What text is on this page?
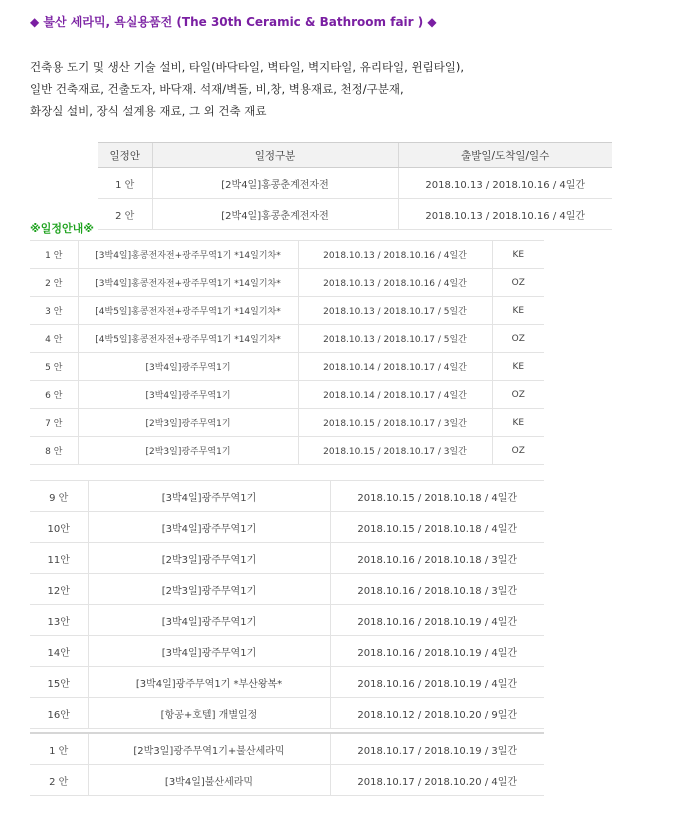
◆ 불산 세라믹, 욕실용품전 (The 30th Ceramic & Bathroom fair ) ◆
건축용 도기 및 생산 기술 설비, 타일(바닥타일, 벽타일, 벽지타일, 유리타일, 윈림타일),
일반 건축재료, 건출도자, 바닥재. 석재/벽돌, 비,창, 벽용재료, 천정/구분재,
화장실 설비, 장식 설계용 재료, 그 외 건축 재료
일정안	일정구분	출발일/도착일/일수
1 안	[2박4일]홍콩춘계전자전	2018.10.13 / 2018.10.16 / 4일간
2 안	[2박4일]홍콩춘계전자전	2018.10.13 / 2018.10.16 / 4일간
※일정안내※
1 안	[3박4일]홍콩전자전+광주무역1기 *14일기차*	2018.10.13 / 2018.10.16 / 4일간	KE
2 안	[3박4일]홍콩전자전+광주무역1기 *14일기차*	2018.10.13 / 2018.10.16 / 4일간	OZ
3 안	[4박5일]홍콩전자전+광주무역1기 *14일기차*	2018.10.13 / 2018.10.17 / 5일간	KE
4 안	[4박5일]홍콩전자전+광주무역1기 *14일기차*	2018.10.13 / 2018.10.17 / 5일간	OZ
5 안	[3박4일]광주무역1기	2018.10.14 / 2018.10.17 / 4일간	KE
6 안	[3박4일]광주무역1기	2018.10.14 / 2018.10.17 / 4일간	OZ
7 안	[2박3일]광주무역1기	2018.10.15 / 2018.10.17 / 3일간	KE
8 안	[2박3일]광주무역1기	2018.10.15 / 2018.10.17 / 3일간	OZ
9 안	[3박4일]광주무역1기	2018.10.15 / 2018.10.18 / 4일간
10안	[3박4일]광주무역1기	2018.10.15 / 2018.10.18 / 4일간
11안	[2박3일]광주무역1기	2018.10.16 / 2018.10.18 / 3일간
12안	[2박3일]광주무역1기	2018.10.16 / 2018.10.18 / 3일간
13안	[3박4일]광주무역1기	2018.10.16 / 2018.10.19 / 4일간
14안	[3박4일]광주무역1기	2018.10.16 / 2018.10.19 / 4일간
15안	[3박4일]광주무역1기 *부산왕복*	2018.10.16 / 2018.10.19 / 4일간
16안	[항공+호텔] 개별일정	2018.10.12 / 2018.10.20 / 9일간
1 안	[2박3일]광주무역1기+불산세라믹	2018.10.17 / 2018.10.19 / 3일간
2 안	[3박4일]불산세라믹	2018.10.17 / 2018.10.20 / 4일간
